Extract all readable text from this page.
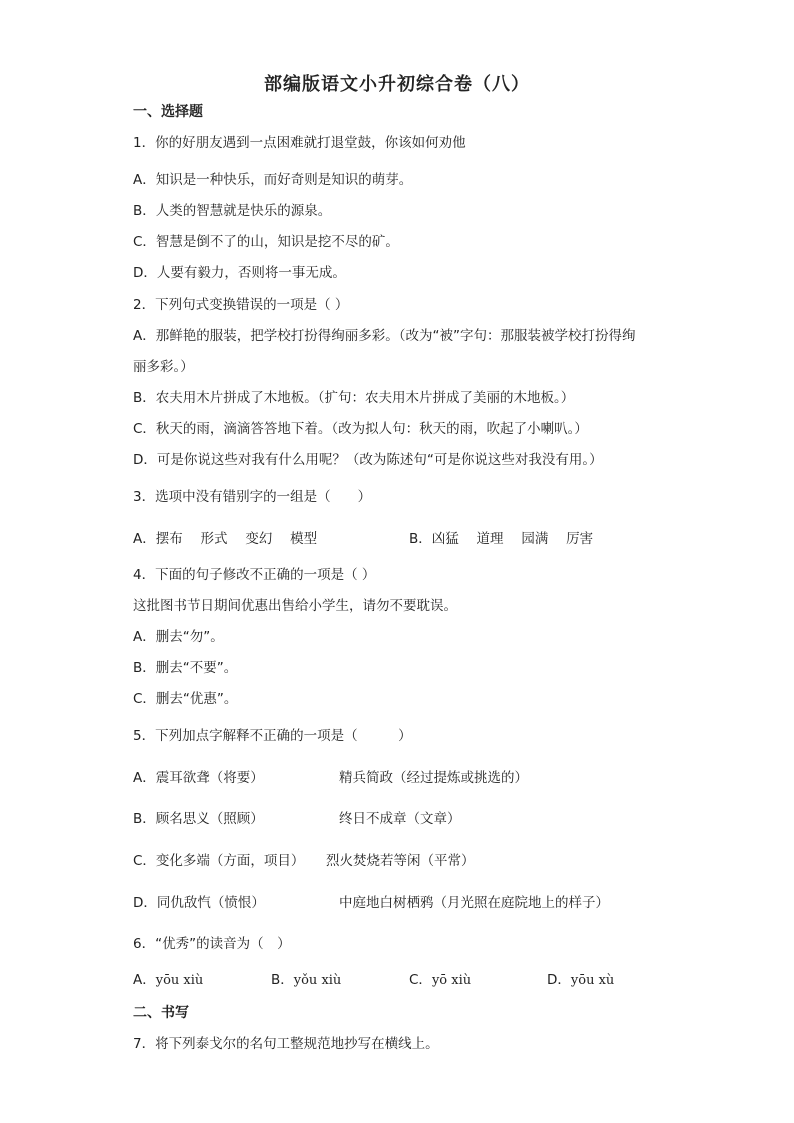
部编版语文小升初综合卷（八）
一、选择题
1．你的好朋友遇到一点困难就打退堂鼓，你该如何劝他
A．知识是一种快乐，而好奇则是知识的萌芽。
B．人类的智慧就是快乐的源泉。
C．智慧是倒不了的山，知识是挖不尽的矿。
D．人要有毅力，否则将一事无成。
2．下列句式变换错误的一项是（ ）
A．那鲜艳的服装，把学校打扮得绚丽多彩。（改为“被”字句：那服装被学校打扮得绚
丽多彩。）
B．农夫用木片拼成了木地板。（扩句：农夫用木片拼成了美丽的木地板。）
C．秋天的雨，滴滴答答地下着。（改为拟人句：秋天的雨，吹起了小喇叭。）
D．可是你说这些对我有什么用呢？（改为陈述句“可是你说这些对我没有用。）
3．选项中没有错别字的一组是（　　）
A．摆布　 形式　 变幻　 模型	B．凶猛　 道理　 园满　 厉害
4．下面的句子修改不正确的一项是（ ）
这批图书节日期间优惠出售给小学生，请勿不要耽误。
A．删去“勿”。
B．删去“不要”。
C．删去“优惠”。
5．下列加点字解释不正确的一项是（　　　）
A．震耳欲聋（将要）	精兵简政（经过提炼或挑选的）
B．顾名思义（照顾）	终日不成章（文章）
C．变化多端（方面，项目） 烈火焚烧若等闲（平常）
D．同仇敌忾（愤恨）	中庭地白树栖鸦（月光照在庭院地上的样子）
6．“优秀”的读音为（　）
A．yōu xiù	B．yǒu xiù	C．yō xiù	D．yōu xù
二、书写
7．将下列泰戈尔的名句工整规范地抄写在横线上。
